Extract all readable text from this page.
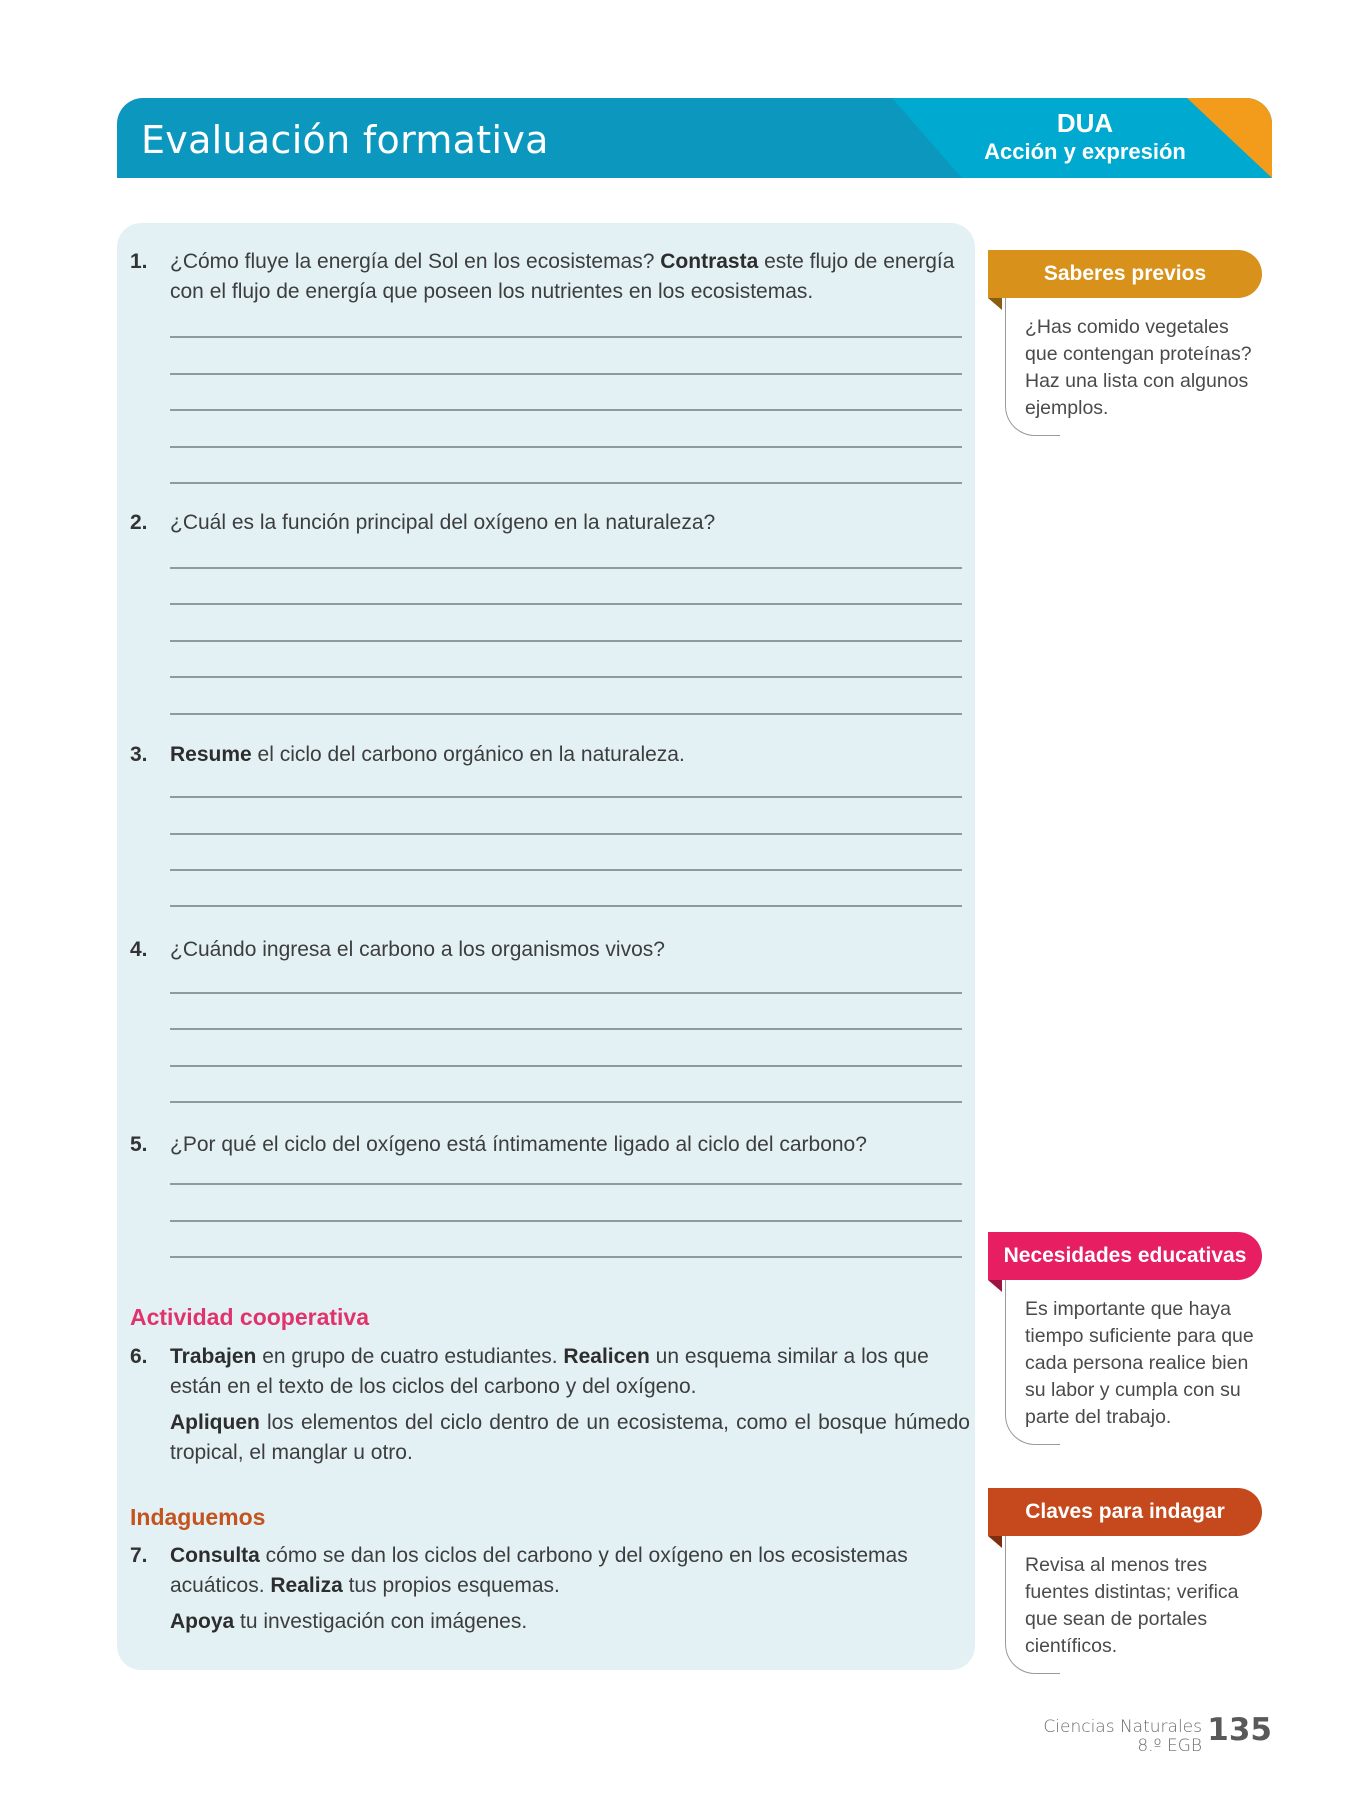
Evaluación formativa	DUA
Acción y expresión
1. ¿Cómo fluye la energía del Sol en los ecosistemas? Contrasta este flujo de energía con el flujo de energía que poseen los nutrientes en los ecosistemas.
2. ¿Cuál es la función principal del oxígeno en la naturaleza?
3. Resume el ciclo del carbono orgánico en la naturaleza.
4. ¿Cuándo ingresa el carbono a los organismos vivos?
5. ¿Por qué el ciclo del oxígeno está íntimamente ligado al ciclo del carbono?
Actividad cooperativa
6. Trabajen en grupo de cuatro estudiantes. Realicen un esquema similar a los que están en el texto de los ciclos del carbono y del oxígeno.
Apliquen los elementos del ciclo dentro de un ecosistema, como el bosque húmedo tropical, el manglar u otro.
Indaguemos
7. Consulta cómo se dan los ciclos del carbono y del oxígeno en los ecosistemas acuáticos. Realiza tus propios esquemas.
Apoya tu investigación con imágenes.
Saberes previos
¿Has comido vegetales que contengan proteínas? Haz una lista con algunos ejemplos.
Necesidades educativas
Es importante que haya tiempo suficiente para que cada persona realice bien su labor y cumpla con su parte del trabajo.
Claves para indagar
Revisa al menos tres fuentes distintas; verifica que sean de portales científicos.
Ciencias Naturales
8.º EGB 135
